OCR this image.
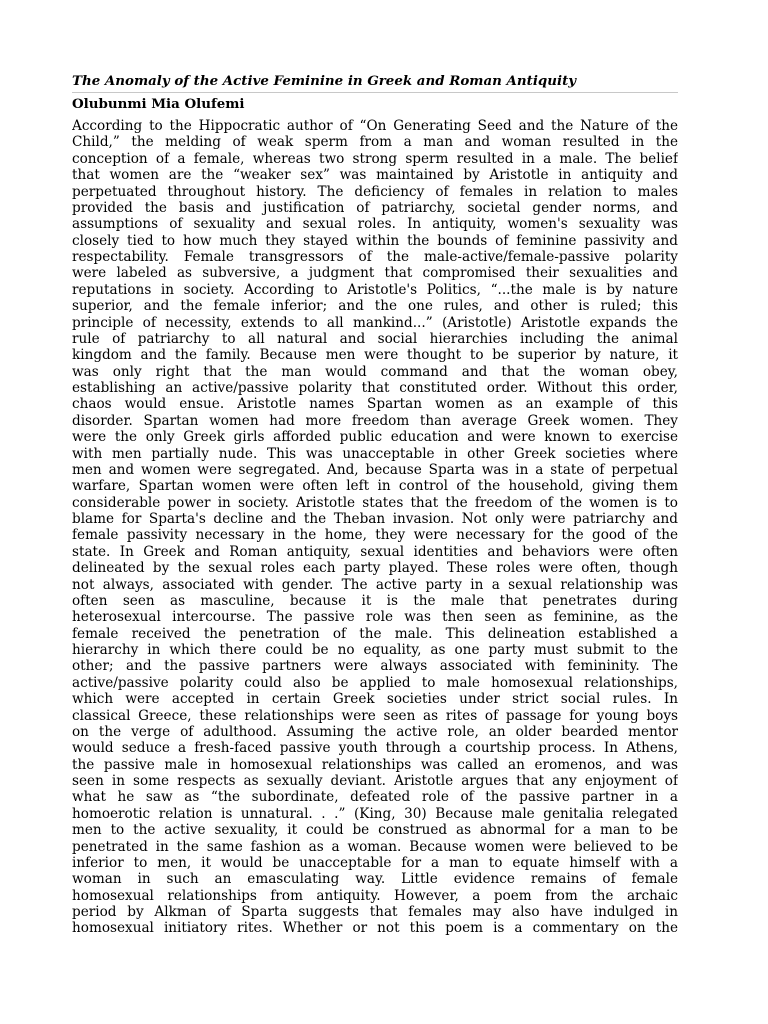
The Anomaly of the Active Feminine in Greek and Roman Antiquity
Olubunmi Mia Olufemi
According to the Hippocratic author of “On Generating Seed and the Nature of the
Child,” the melding of weak sperm from a man and woman resulted in the
conception of a female, whereas two strong sperm resulted in a male. The belief
that women are the “weaker sex” was maintained by Aristotle in antiquity and
perpetuated throughout history. The deficiency of females in relation to males
provided the basis and justification of patriarchy, societal gender norms, and
assumptions of sexuality and sexual roles. In antiquity, women's sexuality was
closely tied to how much they stayed within the bounds of feminine passivity and
respectability. Female transgressors of the male-active/female-passive polarity
were labeled as subversive, a judgment that compromised their sexualities and
reputations in society. According to Aristotle's Politics, “...the male is by nature
superior, and the female inferior; and the one rules, and other is ruled; this
principle of necessity, extends to all mankind...” (Aristotle) Aristotle expands the
rule of patriarchy to all natural and social hierarchies including the animal
kingdom and the family. Because men were thought to be superior by nature, it
was only right that the man would command and that the woman obey,
establishing an active/passive polarity that constituted order. Without this order,
chaos would ensue. Aristotle names Spartan women as an example of this
disorder. Spartan women had more freedom than average Greek women. They
were the only Greek girls afforded public education and were known to exercise
with men partially nude. This was unacceptable in other Greek societies where
men and women were segregated. And, because Sparta was in a state of perpetual
warfare, Spartan women were often left in control of the household, giving them
considerable power in society. Aristotle states that the freedom of the women is to
blame for Sparta's decline and the Theban invasion. Not only were patriarchy and
female passivity necessary in the home, they were necessary for the good of the
state. In Greek and Roman antiquity, sexual identities and behaviors were often
delineated by the sexual roles each party played. These roles were often, though
not always, associated with gender. The active party in a sexual relationship was
often seen as masculine, because it is the male that penetrates during
heterosexual intercourse. The passive role was then seen as feminine, as the
female received the penetration of the male. This delineation established a
hierarchy in which there could be no equality, as one party must submit to the
other; and the passive partners were always associated with femininity. The
active/passive polarity could also be applied to male homosexual relationships,
which were accepted in certain Greek societies under strict social rules. In
classical Greece, these relationships were seen as rites of passage for young boys
on the verge of adulthood. Assuming the active role, an older bearded mentor
would seduce a fresh-faced passive youth through a courtship process. In Athens,
the passive male in homosexual relationships was called an eromenos, and was
seen in some respects as sexually deviant. Aristotle argues that any enjoyment of
what he saw as “the subordinate, defeated role of the passive partner in a
homoerotic relation is unnatural. . .” (King, 30) Because male genitalia relegated
men to the active sexuality, it could be construed as abnormal for a man to be
penetrated in the same fashion as a woman. Because women were believed to be
inferior to men, it would be unacceptable for a man to equate himself with a
woman in such an emasculating way. Little evidence remains of female
homosexual relationships from antiquity. However, a poem from the archaic
period by Alkman of Sparta suggests that females may also have indulged in
homosexual initiatory rites. Whether or not this poem is a commentary on the
